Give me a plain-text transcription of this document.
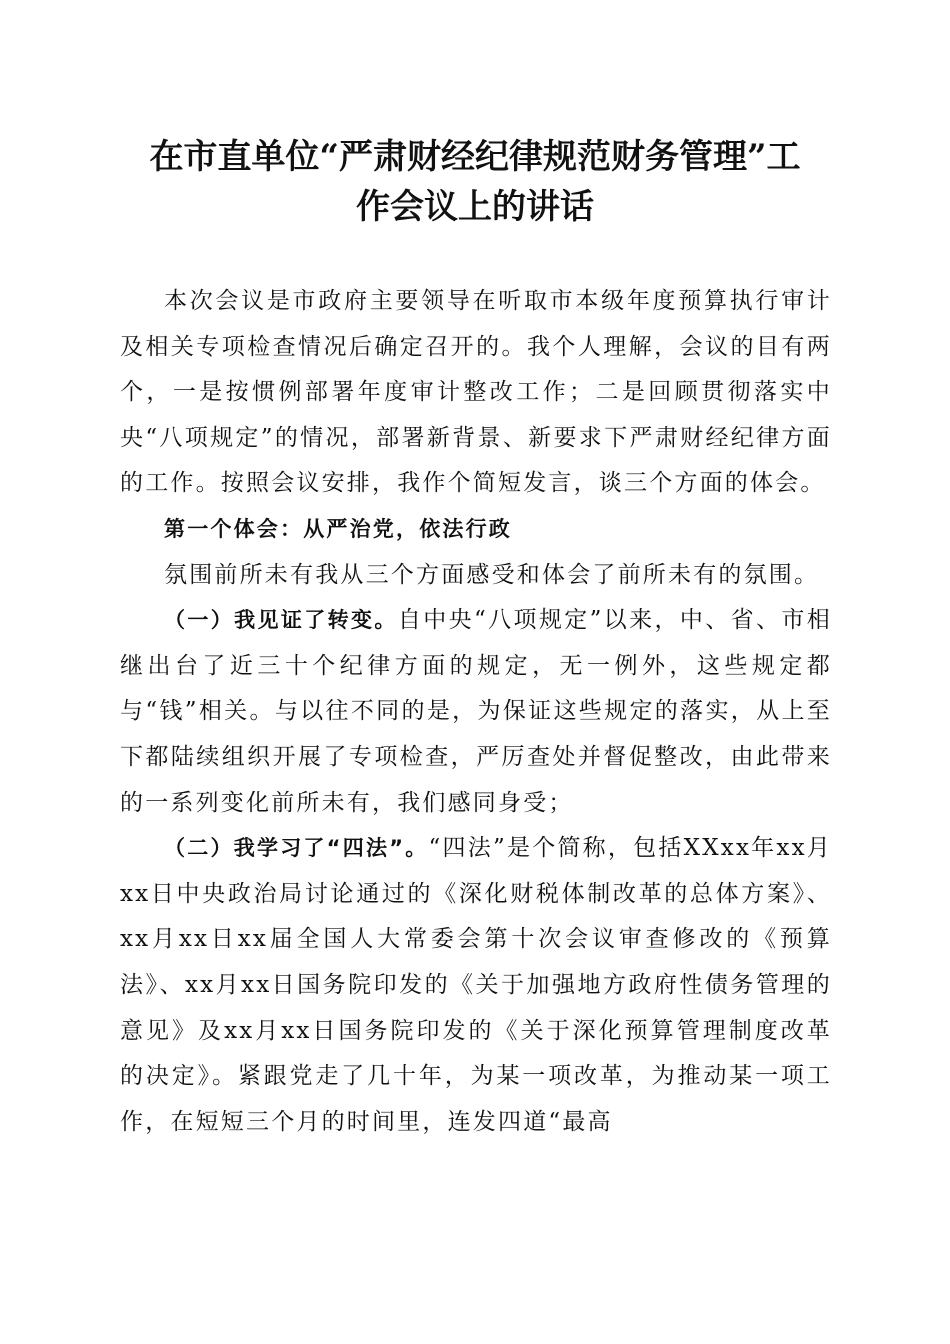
在市直单位“严肃财经纪律规范财务管理”工
作会议上的讲话

本次会议是市政府主要领导在听取市本级年度预算执行审计及相关专项检查情况后确定召开的。我个人理解，会议的目有两个，一是按惯例部署年度审计整改工作；二是回顾贯彻落实中央“八项规定”的情况，部署新背景、新要求下严肃财经纪律方面的工作。按照会议安排，我作个简短发言，谈三个方面的体会。

第一个体会：从严治党，依法行政

氛围前所未有我从三个方面感受和体会了前所未有的氛围。

（一）我见证了转变。自中央“八项规定”以来，中、省、市相继出台了近三十个纪律方面的规定，无一例外，这些规定都与“钱”相关。与以往不同的是，为保证这些规定的落实，从上至下都陆续组织开展了专项检查，严厉查处并督促整改，由此带来的一系列变化前所未有，我们感同身受；

（二）我学习了“四法”。“四法”是个简称，包括XXxx年xx月xx日中央政治局讨论通过的《深化财税体制改革的总体方案》、xx月xx日xx届全国人大常委会第十次会议审查修改的《预算法》、xx月xx日国务院印发的《关于加强地方政府性债务管理的意见》及xx月xx日国务院印发的《关于深化预算管理制度改革的决定》。紧跟党走了几十年，为某一项改革，为推动某一项工作，在短短三个月的时间里，连发四道“最高
